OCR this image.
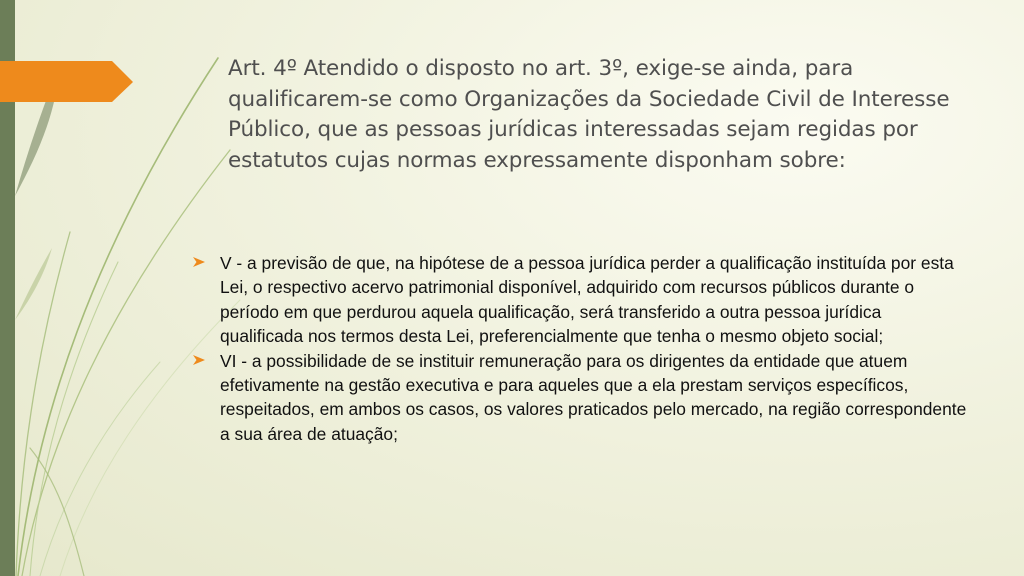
Art. 4º Atendido o disposto no art. 3º, exige-se ainda, para qualificarem-se como Organizações da Sociedade Civil de Interesse Público, que as pessoas jurídicas interessadas sejam regidas por estatutos cujas normas expressamente disponham sobre:

V - a previsão de que, na hipótese de a pessoa jurídica perder a qualificação instituída por esta Lei, o respectivo acervo patrimonial disponível, adquirido com recursos públicos durante o período em que perdurou aquela qualificação, será transferido a outra pessoa jurídica qualificada nos termos desta Lei, preferencialmente que tenha o mesmo objeto social;
VI - a possibilidade de se instituir remuneração para os dirigentes da entidade que atuem efetivamente na gestão executiva e para aqueles que a ela prestam serviços específicos, respeitados, em ambos os casos, os valores praticados pelo mercado, na região correspondente a sua área de atuação;
